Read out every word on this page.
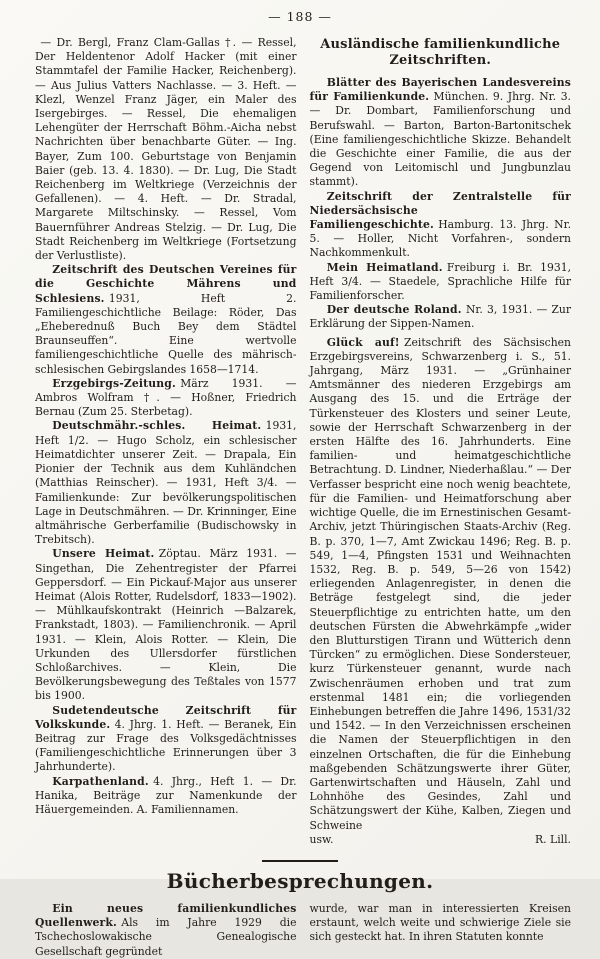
— 188 —

— Dr. Bergl, Franz Clam-Gallas †. — Ressel, Der Heldentenor Adolf Hacker (mit einer Stammtafel der Familie Hacker, Reichenberg). — Aus Julius Vatters Nachlasse. — 3. Heft. — Klezl, Wenzel Franz Jäger, ein Maler des Isergebirges. — Ressel, Die ehemaligen Lehengüter der Herrschaft Böhm.-Aicha nebst Nachrichten über benachbarte Güter. — Ing. Bayer, Zum 100. Geburtstage von Benjamin Baier (geb. 13. 4. 1830). — Dr. Lug, Die Stadt Reichenberg im Weltkriege (Verzeichnis der Gefallenen). — 4. Heft. — Dr. Stradal, Margarete Miltschinsky. — Ressel, Vom Bauernführer Andreas Stelzig. — Dr. Lug, Die Stadt Reichenberg im Weltkriege (Fortsetzung der Verlustliste).

Zeitschrift des Deutschen Vereines für die Geschichte Mährens und Schlesiens. 1931, Heft 2. Familiengeschichtliche Beilage: Röder, Das „Eheberednuß Buch Bey dem Städtel Braunseuffen“. Eine wertvolle familiengeschichtliche Quelle des mährisch-schlesischen Gebirgslandes 1658—1714.

Erzgebirgs-Zeitung. März 1931. — Ambros Wolfram †. — Hoßner, Friedrich Bernau (Zum 25. Sterbetag).

Deutschmähr.-schles. Heimat. 1931, Heft 1/2. — Hugo Scholz, ein schlesischer Heimatdichter unserer Zeit. — Drapala, Ein Pionier der Technik aus dem Kuhländchen (Matthias Reinscher). — 1931, Heft 3/4. — Familienkunde: Zur bevölkerungspolitischen Lage in Deutschmähren. — Dr. Krinninger, Eine altmährische Gerberfamilie (Budischowsky in Trebitsch).

Unsere Heimat. Zöptau. März 1931. — Singethan, Die Zehentregister der Pfarrei Geppersdorf. — Ein Pickauf-Major aus unserer Heimat (Alois Rotter, Rudelsdorf, 1833—1902). — Mühlkaufskontrakt (Heinrich —Balzarek, Frankstadt, 1803). — Familienchronik. — April 1931. — Klein, Alois Rotter. — Klein, Die Urkunden des Ullersdorfer fürstlichen Schloßarchives. — Klein, Die Bevölkerungsbewegung des Teßtales von 1577 bis 1900.

Sudetendeutsche Zeitschrift für Volkskunde. 4. Jhrg. 1. Heft. — Beranek, Ein Beitrag zur Frage des Volksgedächtnisses (Familiengeschichtliche Erinnerungen über 3 Jahrhunderte).

Karpathenland. 4. Jhrg., Heft 1. — Dr. Hanika, Beiträge zur Namenkunde der Häuergemeinden. A. Familiennamen.

Ausländische familienkundliche Zeitschriften.

Blätter des Bayerischen Landesvereins für Familienkunde. München. 9. Jhrg. Nr. 3. — Dr. Dombart, Familienforschung und Berufswahl. — Barton, Barton-Bartonitschek (Eine familiengeschichtliche Skizze. Behandelt die Geschichte einer Familie, die aus der Gegend von Leitomischl und Jungbunzlau stammt).

Zeitschrift der Zentralstelle für Niedersächsische Familiengeschichte. Hamburg. 13. Jhrg. Nr. 5. — Holler, Nicht Vorfahren-, sondern Nachkommenkult.

Mein Heimatland. Freiburg i. Br. 1931, Heft 3/4. — Staedele, Sprachliche Hilfe für Familienforscher.

Der deutsche Roland. Nr. 3, 1931. — Zur Erklärung der Sippen-Namen.

Glück auf! Zeitschrift des Sächsischen Erzgebirgsvereins, Schwarzenberg i. S., 51. Jahrgang, März 1931. — „Grünhainer Amtsmänner des niederen Erzgebirgs am Ausgang des 15. und die Erträge der Türkensteuer des Klosters und seiner Leute, sowie der Herrschaft Schwarzenberg in der ersten Hälfte des 16. Jahrhunderts. Eine familien- und heimatgeschichtliche Betrachtung. D. Lindner, Niederhaßlau.“ — Der Verfasser bespricht eine noch wenig beachtete, für die Familien- und Heimatforschung aber wichtige Quelle, die im Ernestinischen Gesamt-Archiv, jetzt Thüringischen Staats-Archiv (Reg. B. p. 370, 1—7, Amt Zwickau 1496; Reg. B. p. 549, 1—4, Pfingsten 1531 und Weihnachten 1532, Reg. B. p. 549, 5—26 von 1542) erliegenden Anlagenregister, in denen die Beträge festgelegt sind, die jeder Steuerpflichtige zu entrichten hatte, um den deutschen Fürsten die Abwehrkämpfe „wider den Blutturstigen Tirann und Wütterich denn Türcken“ zu ermöglichen. Diese Sondersteuer, kurz Türkensteuer genannt, wurde nach Zwischenräumen erhoben und trat zum erstenmal 1481 ein; die vorliegenden Einhebungen betreffen die Jahre 1496, 1531/32 und 1542. — In den Verzeichnissen erscheinen die Namen der Steuerpflichtigen in den einzelnen Ortschaften, die für die Einhebung maßgebenden Schätzungswerte ihrer Güter, Gartenwirtschaften und Häuseln, Zahl und Lohnhöhe des Gesindes, Zahl und Schätzungswert der Kühe, Kalben, Ziegen und Schweine

usw.	R. Lill.
Bücherbesprechungen.

Ein neues familienkundliches Quellenwerk. Als im Jahre 1929 die Tschechoslowakische Genealogische Gesellschaft gegründet

wurde, war man in interessierten Kreisen erstaunt, welch weite und schwierige Ziele sie sich gesteckt hat. In ihren Statuten konnte
